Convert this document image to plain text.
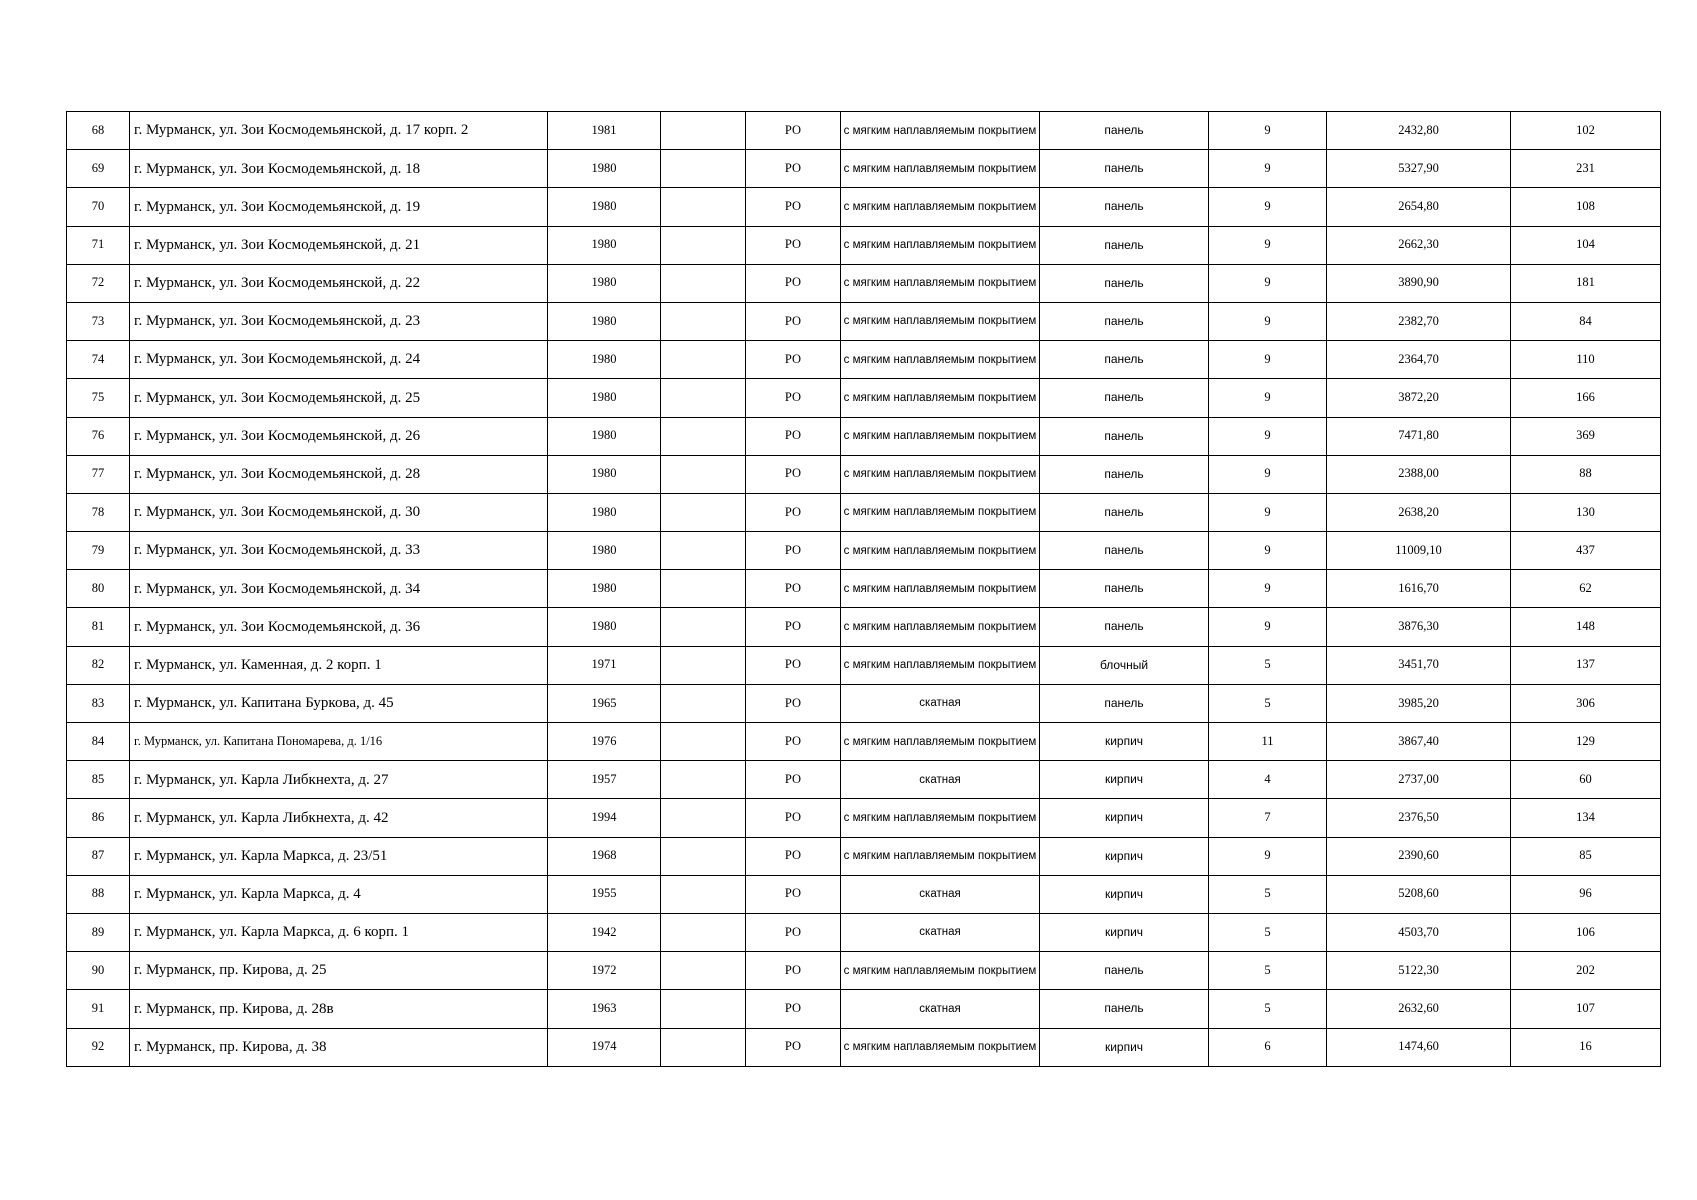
68	г. Мурманск, ул. Зои Космодемьянской, д. 17 корп. 2	1981		РО	с мягким наплавляемым покрытием	панель	9	2432,80	102
69	г. Мурманск, ул. Зои Космодемьянской, д. 18	1980		РО	с мягким наплавляемым покрытием	панель	9	5327,90	231
70	г. Мурманск, ул. Зои Космодемьянской, д. 19	1980		РО	с мягким наплавляемым покрытием	панель	9	2654,80	108
71	г. Мурманск, ул. Зои Космодемьянской, д. 21	1980		РО	с мягким наплавляемым покрытием	панель	9	2662,30	104
72	г. Мурманск, ул. Зои Космодемьянской, д. 22	1980		РО	с мягким наплавляемым покрытием	панель	9	3890,90	181
73	г. Мурманск, ул. Зои Космодемьянской, д. 23	1980		РО	с мягким наплавляемым покрытием	панель	9	2382,70	84
74	г. Мурманск, ул. Зои Космодемьянской, д. 24	1980		РО	с мягким наплавляемым покрытием	панель	9	2364,70	110
75	г. Мурманск, ул. Зои Космодемьянской, д. 25	1980		РО	с мягким наплавляемым покрытием	панель	9	3872,20	166
76	г. Мурманск, ул. Зои Космодемьянской, д. 26	1980		РО	с мягким наплавляемым покрытием	панель	9	7471,80	369
77	г. Мурманск, ул. Зои Космодемьянской, д. 28	1980		РО	с мягким наплавляемым покрытием	панель	9	2388,00	88
78	г. Мурманск, ул. Зои Космодемьянской, д. 30	1980		РО	с мягким наплавляемым покрытием	панель	9	2638,20	130
79	г. Мурманск, ул. Зои Космодемьянской, д. 33	1980		РО	с мягким наплавляемым покрытием	панель	9	11009,10	437
80	г. Мурманск, ул. Зои Космодемьянской, д. 34	1980		РО	с мягким наплавляемым покрытием	панель	9	1616,70	62
81	г. Мурманск, ул. Зои Космодемьянской, д. 36	1980		РО	с мягким наплавляемым покрытием	панель	9	3876,30	148
82	г. Мурманск, ул. Каменная, д. 2 корп. 1	1971		РО	с мягким наплавляемым покрытием	блочный	5	3451,70	137
83	г. Мурманск, ул. Капитана Буркова, д. 45	1965		РО	скатная	панель	5	3985,20	306
84	г. Мурманск, ул. Капитана Пономарева, д. 1/16	1976		РО	с мягким наплавляемым покрытием	кирпич	11	3867,40	129
85	г. Мурманск, ул. Карла Либкнехта, д. 27	1957		РО	скатная	кирпич	4	2737,00	60
86	г. Мурманск, ул. Карла Либкнехта, д. 42	1994		РО	с мягким наплавляемым покрытием	кирпич	7	2376,50	134
87	г. Мурманск, ул. Карла Маркса, д. 23/51	1968		РО	с мягким наплавляемым покрытием	кирпич	9	2390,60	85
88	г. Мурманск, ул. Карла Маркса, д. 4	1955		РО	скатная	кирпич	5	5208,60	96
89	г. Мурманск, ул. Карла Маркса, д. 6 корп. 1	1942		РО	скатная	кирпич	5	4503,70	106
90	г. Мурманск, пр. Кирова, д. 25	1972		РО	с мягким наплавляемым покрытием	панель	5	5122,30	202
91	г. Мурманск, пр. Кирова, д. 28в	1963		РО	скатная	панель	5	2632,60	107
92	г. Мурманск, пр. Кирова, д. 38	1974		РО	с мягким наплавляемым покрытием	кирпич	6	1474,60	16
